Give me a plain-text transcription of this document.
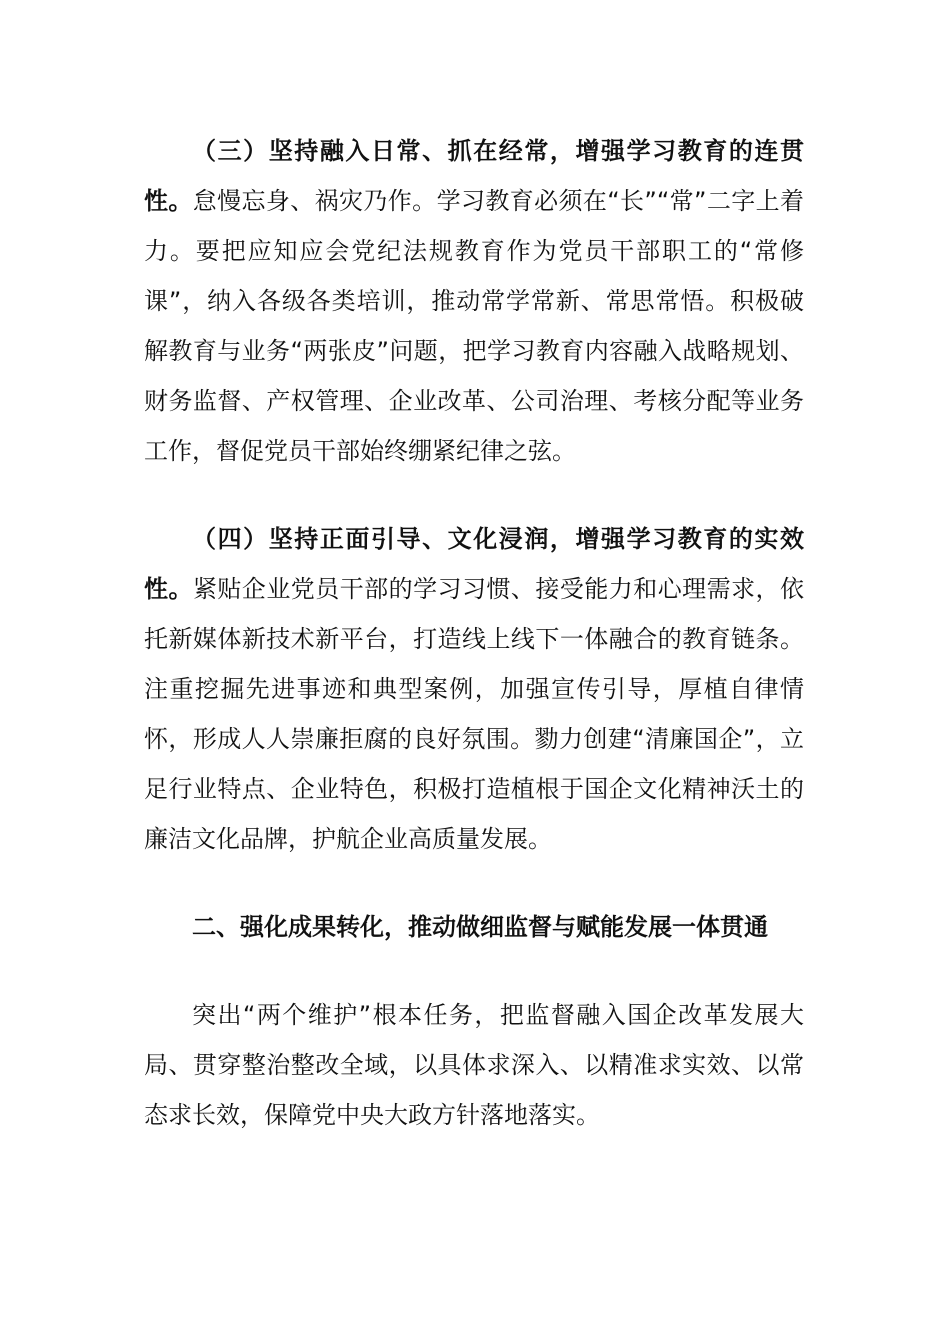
（三）坚持融入日常、抓在经常，增强学习教育的连贯性。怠慢忘身、祸灾乃作。学习教育必须在“长”“常”二字上着力。要把应知应会党纪法规教育作为党员干部职工的“常修课”，纳入各级各类培训，推动常学常新、常思常悟。积极破解教育与业务“两张皮”问题，把学习教育内容融入战略规划、财务监督、产权管理、企业改革、公司治理、考核分配等业务工作，督促党员干部始终绷紧纪律之弦。

（四）坚持正面引导、文化浸润，增强学习教育的实效性。紧贴企业党员干部的学习习惯、接受能力和心理需求，依托新媒体新技术新平台，打造线上线下一体融合的教育链条。注重挖掘先进事迹和典型案例，加强宣传引导，厚植自律情怀，形成人人崇廉拒腐的良好氛围。勠力创建“清廉国企”，立足行业特点、企业特色，积极打造植根于国企文化精神沃土的廉洁文化品牌，护航企业高质量发展。

二、强化成果转化，推动做细监督与赋能发展一体贯通

突出“两个维护”根本任务，把监督融入国企改革发展大局、贯穿整治整改全域，以具体求深入、以精准求实效、以常态求长效，保障党中央大政方针落地落实。
